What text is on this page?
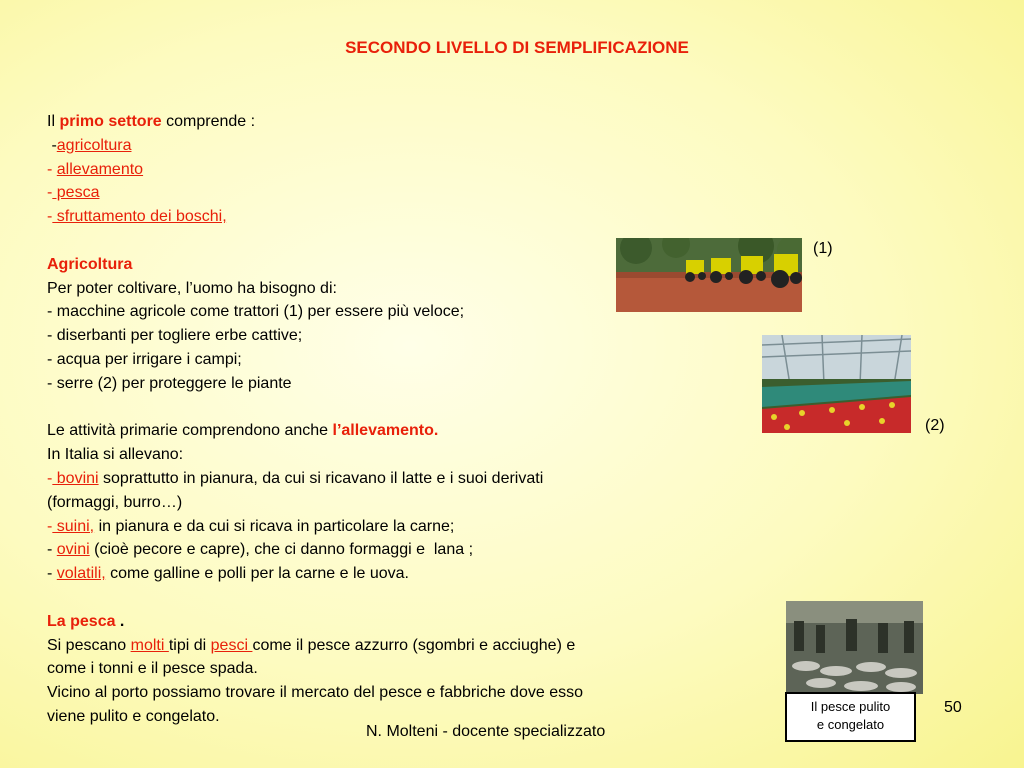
SECONDO LIVELLO DI SEMPLIFICAZIONE
Il primo settore comprende :
-agricoltura
- allevamento
- pesca
- sfruttamento dei boschi,
Agricoltura
Per poter coltivare, l’uomo ha bisogno di:
- macchine agricole come trattori (1) per essere più veloce;
- diserbanti per togliere erbe cattive;
- acqua per irrigare i campi;
- serre (2) per proteggere le piante
Le attività primarie comprendono anche l’allevamento.
In Italia si allevano:
- bovini soprattutto in pianura, da cui si ricavano il latte e i suoi derivati
(formaggi, burro…)
- suini, in pianura e da cui si ricava in particolare la carne;
- ovini (cioè pecore e capre), che ci danno formaggi e  lana ;
- volatili, come galline e polli per la carne e le uova.
La pesca .
Si pescano molti tipi di pesci come il pesce azzurro (sgombri e acciughe) e
come i tonni e il pesce spada.
Vicino al porto possiamo trovare il mercato del pesce e fabbriche dove esso
viene pulito e congelato.
(1)
(2)
Il pesce pulito
e congelato
50
N. Molteni - docente specializzato
